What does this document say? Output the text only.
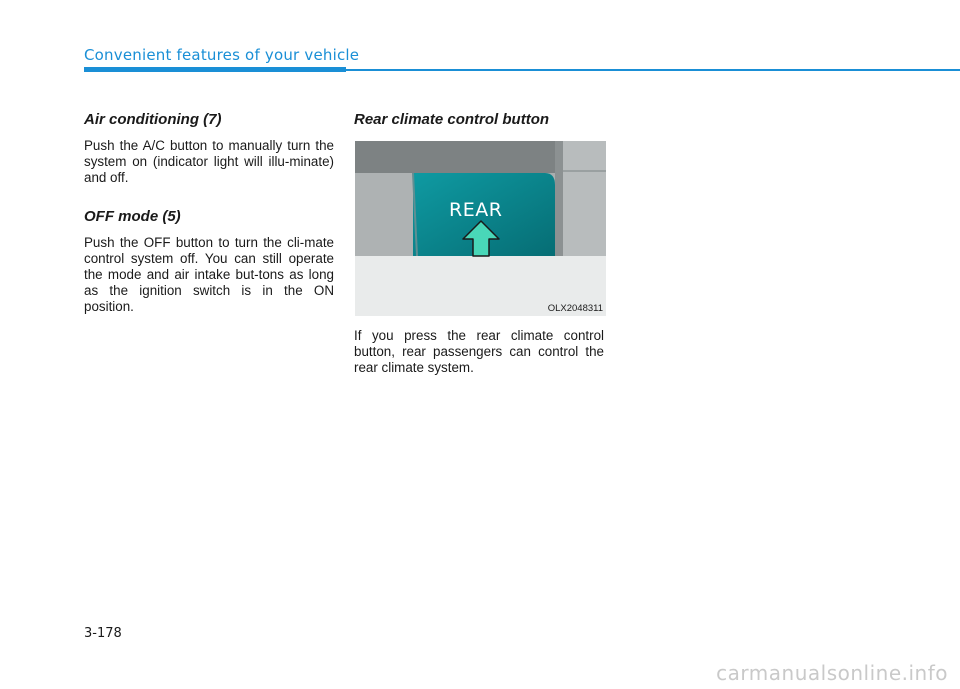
Convenient features of your vehicle
Air conditioning (7)

Push the A/C button to manually turn the system on (indicator light will illu-minate) and off.

OFF mode (5)

Push the OFF button to turn the cli-mate control system off. You can still operate the mode and air intake but-tons as long as the ignition switch is in the ON position.

Rear climate control button
REAR
OLX2048311

If you press the rear climate control button, rear passengers can control the rear climate system.

3-178
carmanualsonline.info
